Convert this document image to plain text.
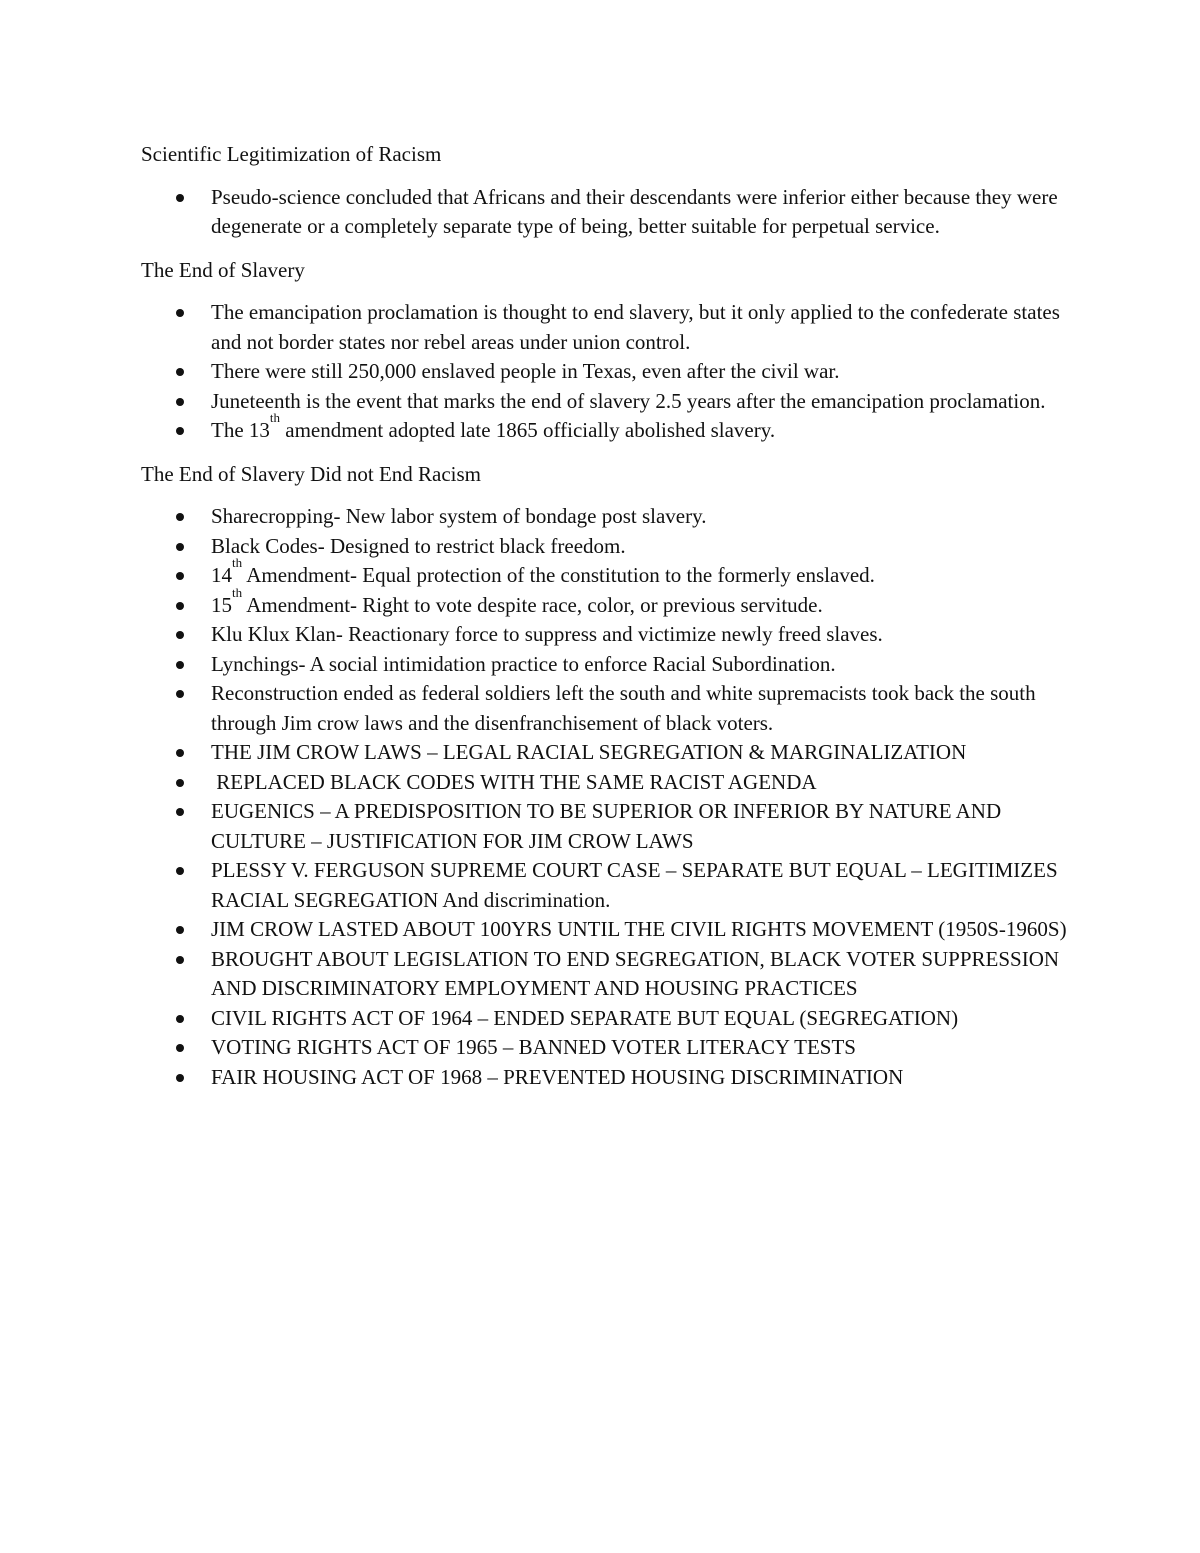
Scientific Legitimization of Racism

Pseudo-science concluded that Africans and their descendants were inferior either because they were degenerate or a completely separate type of being, better suitable for perpetual service.

The End of Slavery

The emancipation proclamation is thought to end slavery, but it only applied to the confederate states and not border states nor rebel areas under union control.
There were still 250,000 enslaved people in Texas, even after the civil war.
Juneteenth is the event that marks the end of slavery 2.5 years after the emancipation proclamation.
The 13th amendment adopted late 1865 officially abolished slavery.

The End of Slavery Did not End Racism

Sharecropping- New labor system of bondage post slavery.
Black Codes- Designed to restrict black freedom.
14th Amendment- Equal protection of the constitution to the formerly enslaved.
15th Amendment- Right to vote despite race, color, or previous servitude.
Klu Klux Klan- Reactionary force to suppress and victimize newly freed slaves.
Lynchings- A social intimidation practice to enforce Racial Subordination.
Reconstruction ended as federal soldiers left the south and white supremacists took back the south through Jim crow laws and the disenfranchisement of black voters.
THE JIM CROW LAWS – LEGAL RACIAL SEGREGATION & MARGINALIZATION
REPLACED BLACK CODES WITH THE SAME RACIST AGENDA
EUGENICS – A PREDISPOSITION TO BE SUPERIOR OR INFERIOR BY NATURE AND CULTURE – JUSTIFICATION FOR JIM CROW LAWS
PLESSY V. FERGUSON SUPREME COURT CASE – SEPARATE BUT EQUAL – LEGITIMIZES RACIAL SEGREGATION And discrimination.
JIM CROW LASTED ABOUT 100YRS UNTIL THE CIVIL RIGHTS MOVEMENT (1950S-1960S)
BROUGHT ABOUT LEGISLATION TO END SEGREGATION, BLACK VOTER SUPPRESSION AND DISCRIMINATORY EMPLOYMENT AND HOUSING PRACTICES
CIVIL RIGHTS ACT OF 1964 – ENDED SEPARATE BUT EQUAL (SEGREGATION)
VOTING RIGHTS ACT OF 1965 – BANNED VOTER LITERACY TESTS
FAIR HOUSING ACT OF 1968 – PREVENTED HOUSING DISCRIMINATION
